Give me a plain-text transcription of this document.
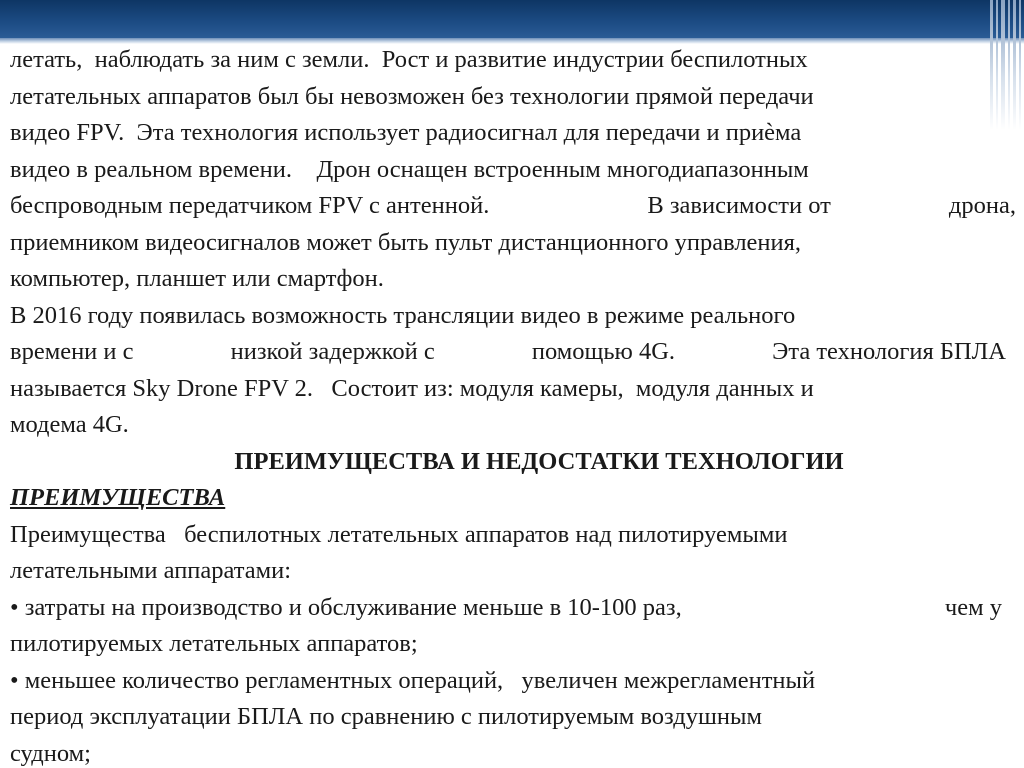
летать,  наблюдать за ним с земли.  Рост и развитие индустрии беспилотных

летательных аппаратов был бы невозможен без технологии прямой передачи

видео FPV.  Эта технология использует радиосигнал для передачи и приѐма

видео в реальном времени.    Дрон оснащен встроенным многодиапазонным

беспроводным передатчиком FPV с антенной.	В зависимости от	дрона,

приемником видеосигналов может быть пульт дистанционного управления,

компьютер, планшет или смартфон.

В 2016 году появилась возможность трансляции видео в режиме реального

времени и с	низкой задержкой с	помощью 4G.	Эта технология БПЛА

называется Sky Drone FPV 2.   Состоит из: модуля камеры,  модуля данных и

модема 4G.

ПРЕИМУЩЕСТВА И НЕДОСТАТКИ ТЕХНОЛОГИИ

ПРЕИМУЩЕСТВА

Преимущества   беспилотных летательных аппаратов над пилотируемыми

летательными аппаратами:

• затраты на производство и обслуживание меньше в 10-100 раз,	чем у

пилотируемых летательных аппаратов;

• меньшее количество регламентных операций,   увеличен межрегламентный

период эксплуатации БПЛА по сравнению с пилотируемым воздушным

судном;
